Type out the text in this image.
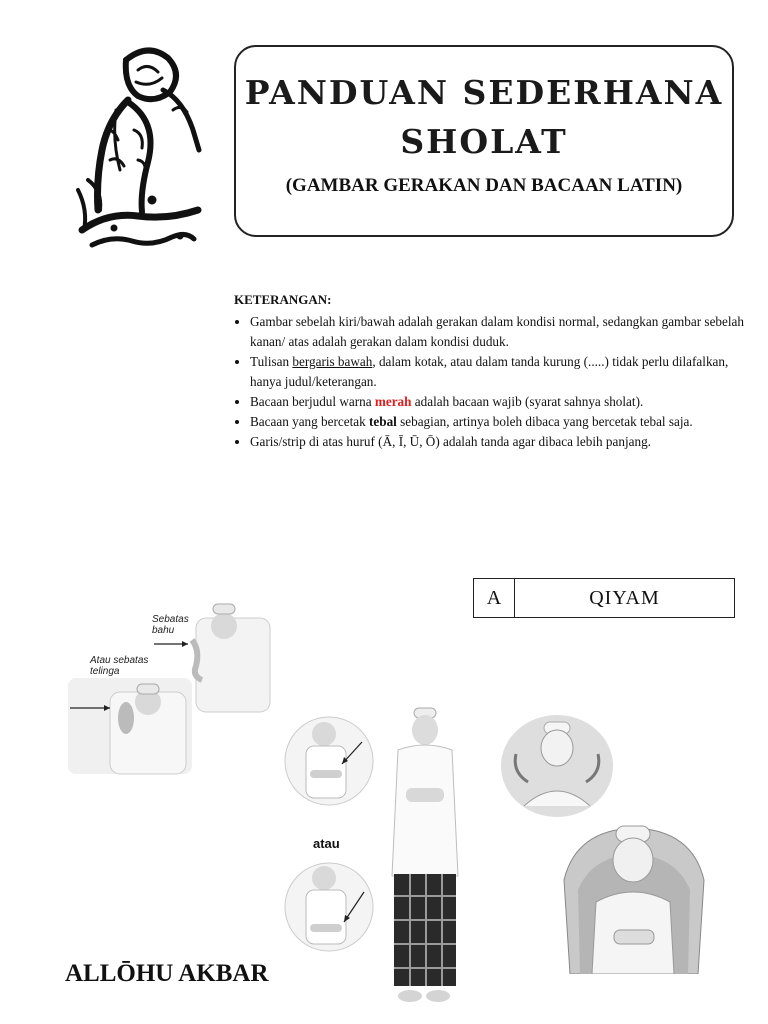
PANDUAN SEDERHANA
SHOLAT
(GAMBAR GERAKAN DAN BACAAN LATIN)
KETERANGAN:
• Gambar sebelah kiri/bawah adalah gerakan dalam kondisi normal, sedangkan gambar sebelah kanan/ atas adalah gerakan dalam kondisi duduk.
• Tulisan bergaris bawah, dalam kotak, atau dalam tanda kurung (.....) tidak perlu dilafalkan, hanya judul/keterangan.
• Bacaan berjudul warna merah adalah bacaan wajib (syarat sahnya sholat).
• Bacaan yang bercetak tebal sebagian, artinya boleh dibaca yang bercetak tebal saja.
• Garis/strip di atas huruf (Ā, Ī, Ū, Ō) adalah tanda agar dibaca lebih panjang.
A	QIYAM
Sebatas
bahu
Atau sebatas
telinga
atau
ALLŌHU AKBAR
